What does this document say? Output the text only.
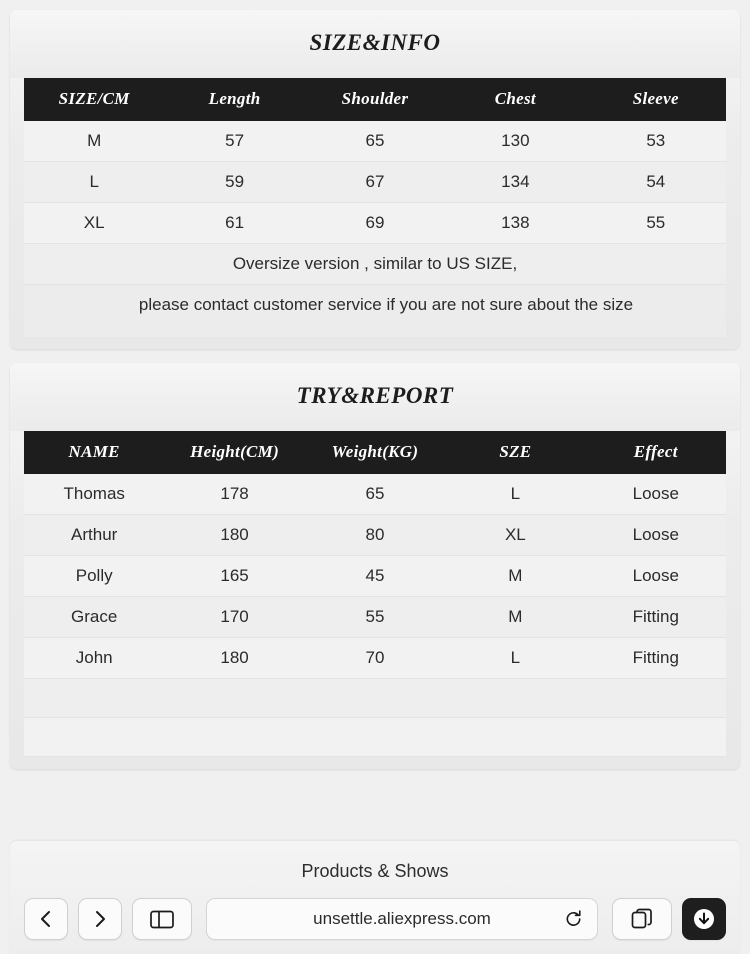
SIZE&INFO
SIZE/CM	Length	Shoulder	Chest	Sleeve
M	57	65	130	53
L	59	67	134	54
XL	61	69	138	55
Oversize version , similar to US SIZE,				
please contact customer service if you are not sure about the size				
TRY&REPORT
NAME	Height(CM)	Weight(KG)	SZE	Effect
Thomas	178	65	L	Loose
Arthur	180	80	XL	Loose
Polly	165	45	M	Loose
Grace	170	55	M	Fitting
John	180	70	L	Fitting

Products & Shows
unsettle.aliexpress.com
